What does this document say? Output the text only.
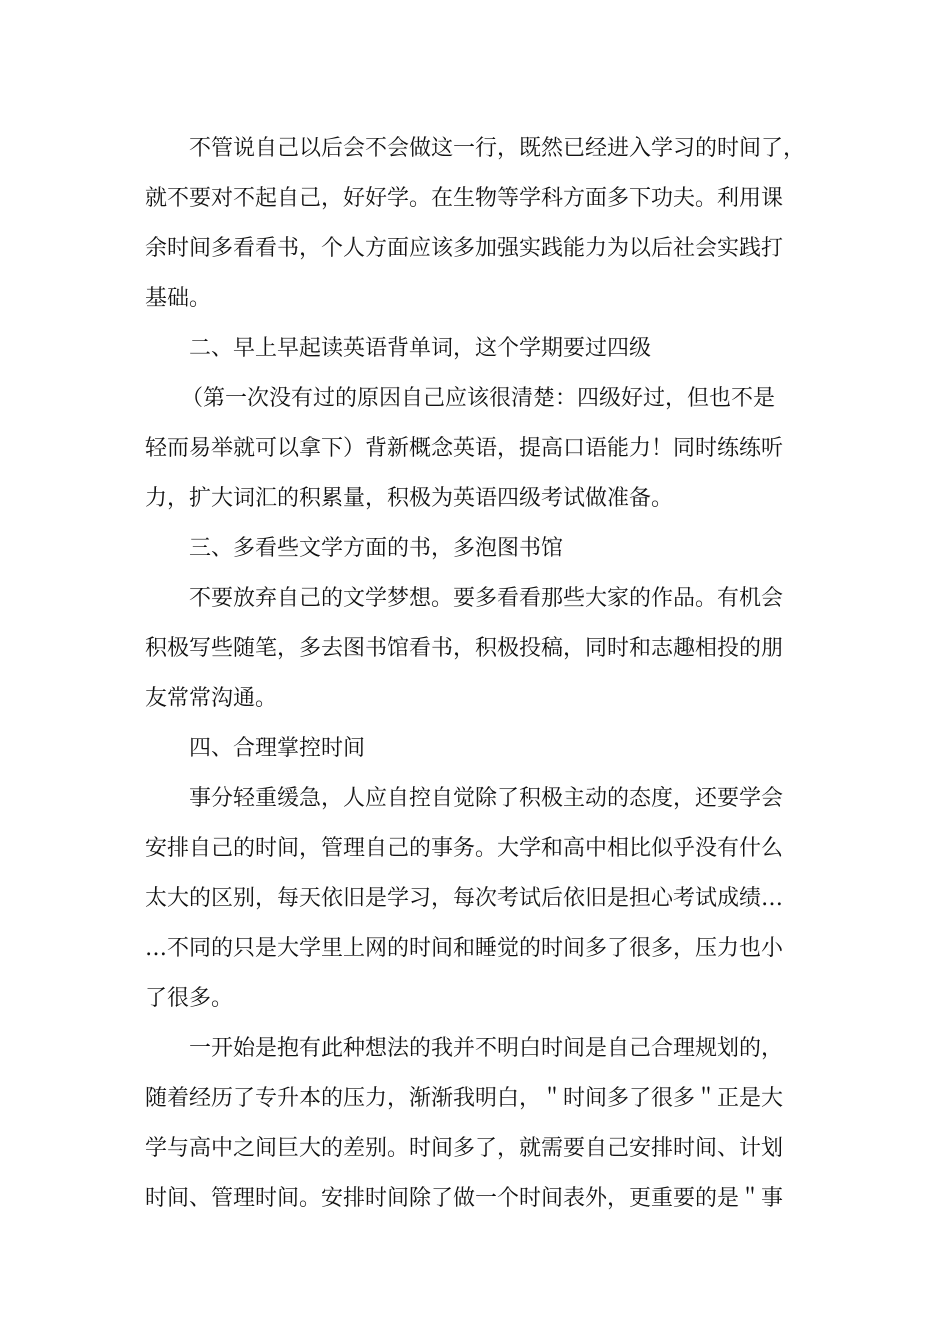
不管说自己以后会不会做这一行，既然已经进入学习的时间了，
就不要对不起自己，好好学。在生物等学科方面多下功夫。利用课
余时间多看看书，个人方面应该多加强实践能力为以后社会实践打
基础。
二、早上早起读英语背单词，这个学期要过四级
（第一次没有过的原因自己应该很清楚：四级好过，但也不是
轻而易举就可以拿下）背新概念英语，提高口语能力！同时练练听
力，扩大词汇的积累量，积极为英语四级考试做准备。
三、多看些文学方面的书，多泡图书馆
不要放弃自己的文学梦想。要多看看那些大家的作品。有机会
积极写些随笔，多去图书馆看书，积极投稿，同时和志趣相投的朋
友常常沟通。
四、合理掌控时间
事分轻重缓急，人应自控自觉除了积极主动的态度，还要学会
安排自己的时间，管理自己的事务。大学和高中相比似乎没有什么
太大的区别，每天依旧是学习，每次考试后依旧是担心考试成绩…
…不同的只是大学里上网的时间和睡觉的时间多了很多，压力也小
了很多。
一开始是抱有此种想法的我并不明白时间是自己合理规划的，
随着经历了专升本的压力，渐渐我明白，＂时间多了很多＂正是大
学与高中之间巨大的差别。时间多了，就需要自己安排时间、计划
时间、管理时间。安排时间除了做一个时间表外，更重要的是＂事
